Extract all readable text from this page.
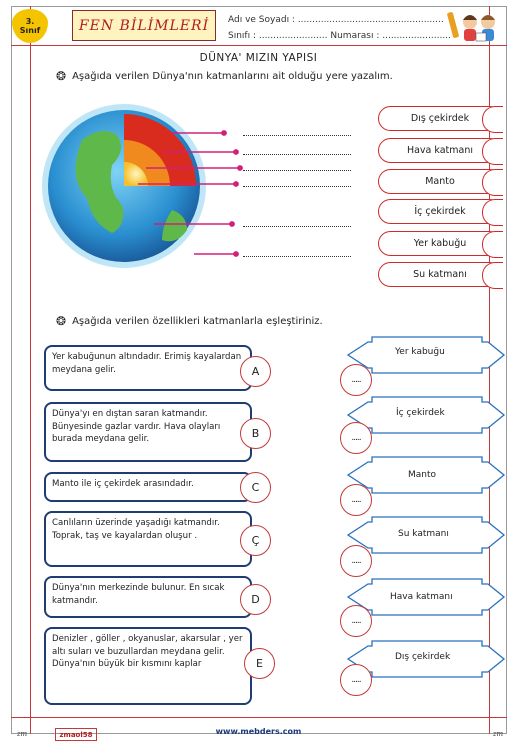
3.
Sınıf	FEN BİLİMLERİ	Adı ve Soyadı : ...................................................
Sınıfı : ........................ Numarası : ........................
DÜNYA' MIZIN YAPISI
❂ Aşağıda verilen Dünya'nın katmanlarını ait olduğu yere yazalım.
Dış çekirdek
Hava katmanı
Manto
İç çekirdek
Yer kabuğu
Su katmanı
❂ Aşağıda verilen özellikleri katmanlarla eşleştiriniz.
Yer kabuğunun altındadır. Erimiş kayalardan meydana gelir.	A
Dünya'yı en dıştan saran katmandır. Bünyesinde gazlar vardır. Hava olayları burada meydana gelir.	B
Manto ile iç çekirdek arasındadır.	C
Canlıların üzerinde yaşadığı katmandır. Toprak, taş ve kayalardan oluşur .	Ç
Dünya'nın merkezinde bulunur. En sıcak katmandır.	D
Denizler , göller , okyanuslar, akarsular , yer altı suları ve buzullardan meydana gelir. Dünya'nın büyük bir kısmını kaplar	E
Yer kabuğu
İç çekirdek
Manto
Su katmanı
Hava katmanı
Dış çekirdek
.....
.....
.....
.....
.....
.....
zm	zmaol58	www.mebders.com	zm
